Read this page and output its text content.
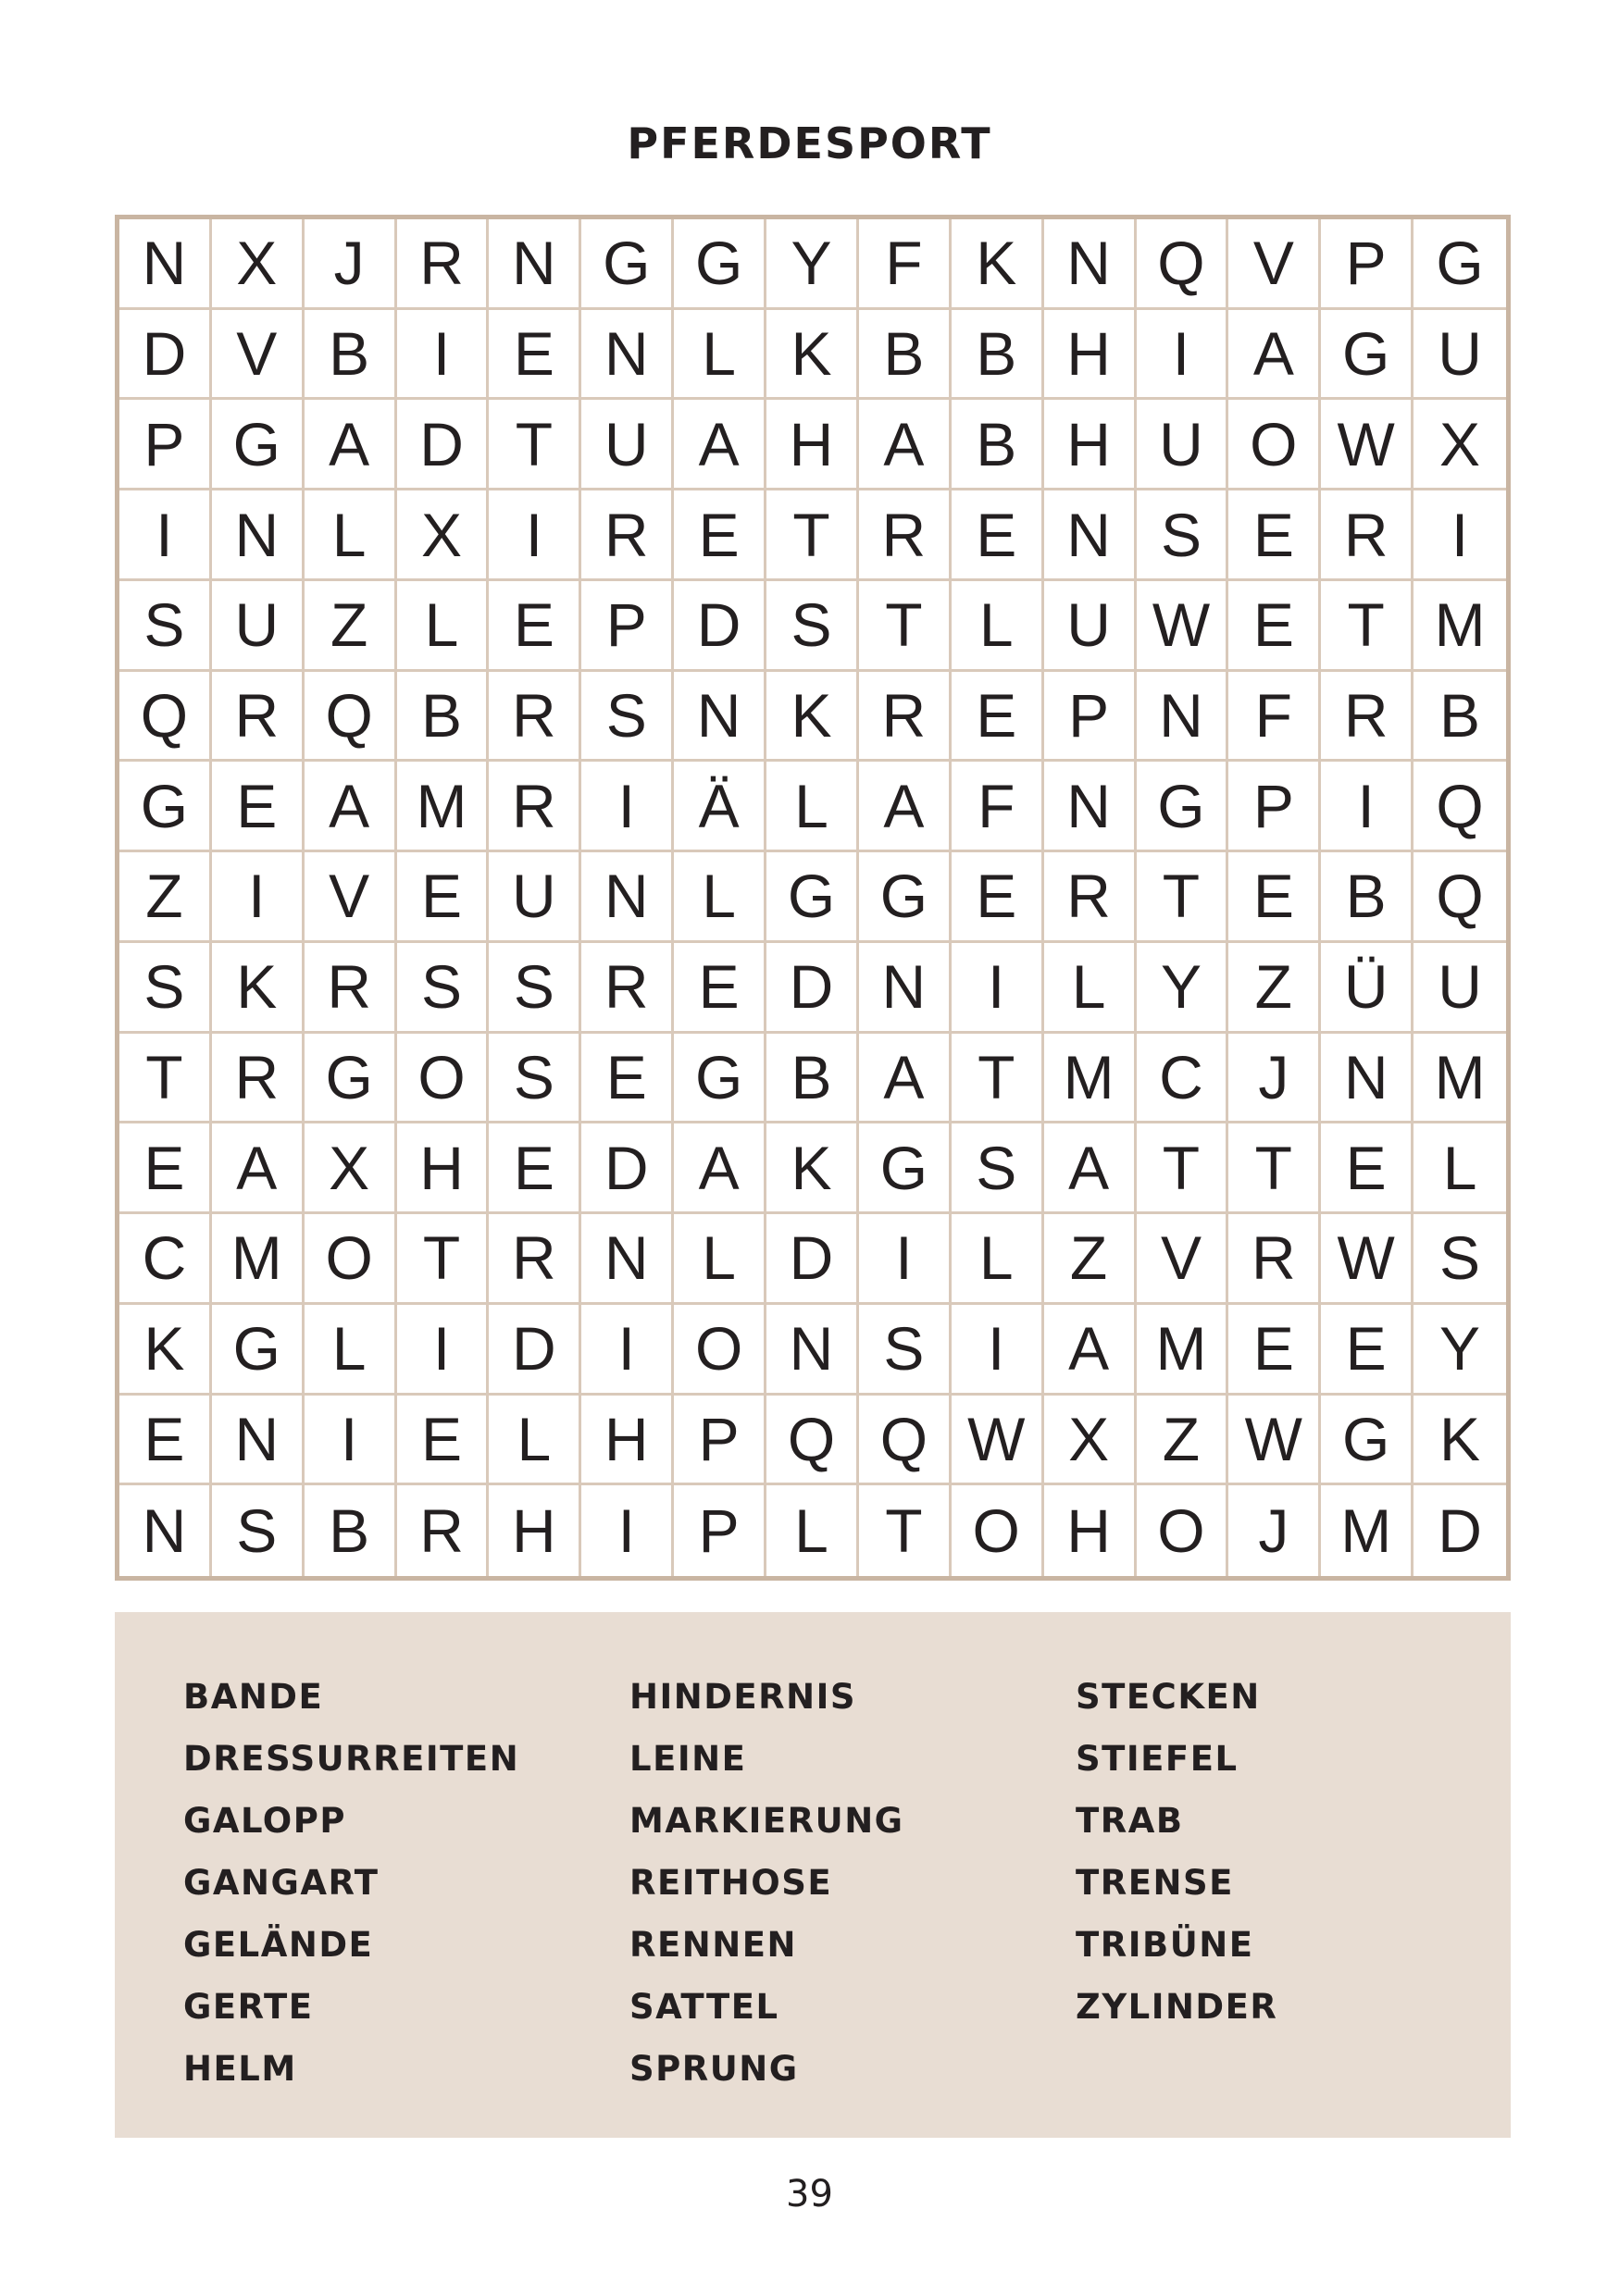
PFERDESPORT
N X J R N G G Y F K N Q V P G
D V B	I	E N L K B B H	I	A G U
P G A D T U A H A B H U O W X
I	N L X	I	R E T R E N S E R	I
S U Z L E P D S T L U W E T M
Q R Q B R S N K R E P N F R B
G E A M R	I	Ä L A F N G P	I	Q
Z	I	V E U N L G G E R T E B Q
S K R S S R E D N	I	L Y Z Ü U
T R G O S E G B A T M C J N M
E A X H E D A K G S A T T E L
C M O T R N L D	I	L Z V R W S
K G L	I	D	I O N S	I	A M E E Y
E N	I	E L H P Q Q W X Z W G K
N S B R H	I	P L T O H O J M D
BANDE
DRESSURREITEN
GALOPP
GANGART
GELÄNDE
GERTE
HELM
HINDERNIS
LEINE
MARKIERUNG
REITHOSE
RENNEN
SATTEL
SPRUNG
STECKEN
STIEFEL
TRAB
TRENSE
TRIBÜNE
ZYLINDER
39
